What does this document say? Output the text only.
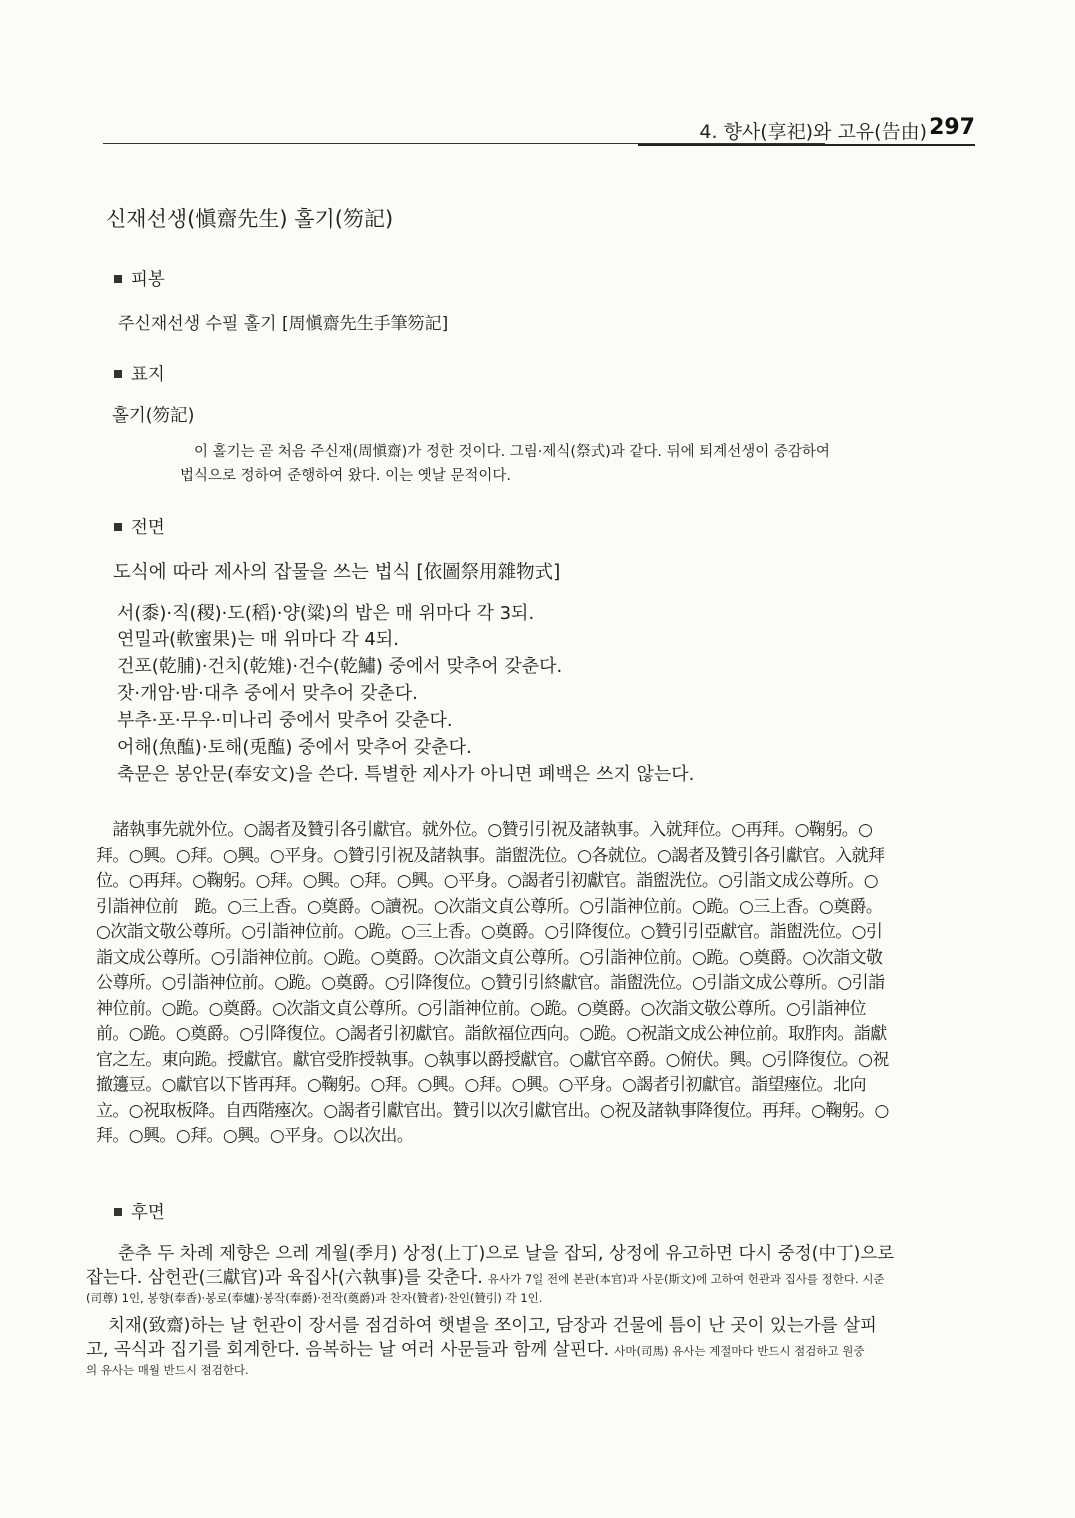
4. 향사(享祀)와 고유(告由) 297
신재선생(愼齋先生) 홀기(笏記)
피봉
주신재선생 수필 홀기 [周愼齋先生手筆笏記]
표지
홀기(笏記)
이 홀기는 곧 처음 주신재(周愼齋)가 정한 것이다. 그림·제식(祭式)과 같다. 뒤에 퇴계선생이 증감하여
법식으로 정하여 준행하여 왔다. 이는 옛날 문적이다.
전면
도식에 따라 제사의 잡물을 쓰는 법식 [依圖祭用雜物式]
서(黍)·직(稷)·도(稻)·양(粱)의 밥은 매 위마다 각 3되.
연밀과(軟蜜果)는 매 위마다 각 4되.
건포(乾脯)·건치(乾雉)·건수(乾鱐) 중에서 맞추어 갖춘다.
잣·개암·밤·대추 중에서 맞추어 갖춘다.
부추·포·무우·미나리 중에서 맞추어 갖춘다.
어해(魚醢)·토해(兎醢) 중에서 맞추어 갖춘다.
축문은 봉안문(奉安文)을 쓴다. 특별한 제사가 아니면 폐백은 쓰지 않는다.
　諸執事先就外位。○謁者及贊引各引獻官。就外位。○贊引引祝及諸執事。入就拜位。○再拜。○鞠躬。○
拜。○興。○拜。○興。○平身。○贊引引祝及諸執事。詣盥洗位。○各就位。○謁者及贊引各引獻官。入就拜
位。○再拜。○鞠躬。○拜。○興。○拜。○興。○平身。○謁者引初獻官。詣盥洗位。○引詣文成公尊所。○
引詣神位前　跪。○三上香。○奠爵。○讀祝。○次詣文貞公尊所。○引詣神位前。○跪。○三上香。○奠爵。
○次詣文敬公尊所。○引詣神位前。○跪。○三上香。○奠爵。○引降復位。○贊引引亞獻官。詣盥洗位。○引
詣文成公尊所。○引詣神位前。○跪。○奠爵。○次詣文貞公尊所。○引詣神位前。○跪。○奠爵。○次詣文敬
公尊所。○引詣神位前。○跪。○奠爵。○引降復位。○贊引引終獻官。詣盥洗位。○引詣文成公尊所。○引詣
神位前。○跪。○奠爵。○次詣文貞公尊所。○引詣神位前。○跪。○奠爵。○次詣文敬公尊所。○引詣神位
前。○跪。○奠爵。○引降復位。○謁者引初獻官。詣飮福位西向。○跪。○祝詣文成公神位前。取胙肉。詣獻
官之左。東向跪。授獻官。獻官受胙授執事。○執事以爵授獻官。○獻官卒爵。○俯伏。興。○引降復位。○祝
撤籩豆。○獻官以下皆再拜。○鞠躬。○拜。○興。○拜。○興。○平身。○謁者引初獻官。詣望瘞位。北向
立。○祝取板降。自西階瘞次。○謁者引獻官出。贊引以次引獻官出。○祝及諸執事降復位。再拜。○鞠躬。○
拜。○興。○拜。○興。○平身。○以次出。
후면
춘추 두 차례 제향은 으레 계월(季月) 상정(上丁)으로 날을 잡되, 상정에 유고하면 다시 중정(中丁)으로
잡는다. 삼헌관(三獻官)과 육집사(六執事)를 갖춘다. 유사가 7일 전에 본관(本官)과 사문(斯文)에 고하여 헌관과 집사를 정한다. 시준
(司尊) 1인, 봉향(奉香)·봉로(奉爐)·봉작(奉爵)·전작(奠爵)과 찬자(贊者)·찬인(贊引) 각 1인.
치재(致齋)하는 날 헌관이 장서를 점검하여 햇볕을 쪼이고, 담장과 건물에 틈이 난 곳이 있는가를 살피
고, 곡식과 집기를 회계한다. 음복하는 날 여러 사문들과 함께 살핀다. 사마(司馬) 유사는 계절마다 반드시 점검하고 원중
의 유사는 매월 반드시 점검한다.
